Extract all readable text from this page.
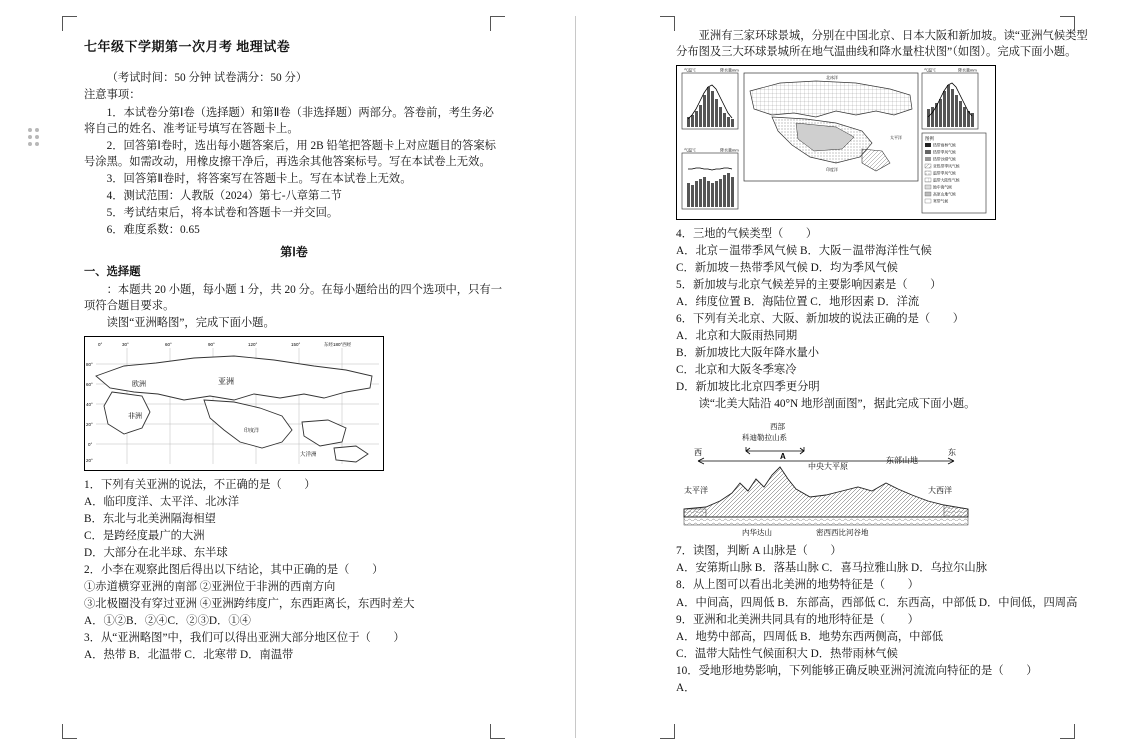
七年级下学期第一次月考 地理试卷

（考试时间：50 分钟 试卷满分：50 分）

注意事项：

1．本试卷分第Ⅰ卷（选择题）和第Ⅱ卷（非选择题）两部分。答卷前，考生务必将自己的姓名、准考证号填写在答题卡上。

2．回答第Ⅰ卷时，选出每小题答案后，用 2B 铅笔把答题卡上对应题目的答案标号涂黑。如需改动，用橡皮擦干净后，再选余其他答案标号。写在本试卷上无效。

3．回答第Ⅱ卷时，将答案写在答题卡上。写在本试卷上无效。

4．测试范围：人教版（2024）第七-八章第二节

5．考试结束后，将本试卷和答题卡一并交回。

6．难度系数：0.65

第Ⅰ卷
一、选择题

：本题共 20 小题，每小题 1 分，共 20 分。在每小题给出的四个选项中，只有一项符合题目要求。

读图“亚洲略图”，完成下面小题。

欧洲	亚洲
非洲
大洋洲
印度洋
0°	30°	60°	90°	120°	150°	东经180°西经
80°
60°
40°
20°
0°
20°

1．下列有关亚洲的说法，不正确的是（　　）

A．临印度洋、太平洋、北冰洋

B．东北与北美洲隔海相望

C．是跨经度最广的大洲

D．大部分在北半球、东半球

2．小李在观察此图后得出以下结论，其中正确的是（　　）

①赤道横穿亚洲的南部 ②亚洲位于非洲的西南方向

③北极圈没有穿过亚洲 ④亚洲跨纬度广，东西距离长，东西时差大

A．①②B．②④C．②③D．①④

3．从“亚洲略图”中，我们可以得出亚洲大部分地区位于（　　）

A．热带 B．北温带 C．北寒带 D．南温带

亚洲有三家环球景城，分别在中国北京、日本大阪和新加坡。读“亚洲气候类型分布图及三大环球景城所在地气温曲线和降水量柱状图”（如图）。完成下面小题。

气温℃	降水量mm	气温℃	降水量mm
太平洋
印度洋
北冰洋
图例
热带雨林气候
热带季风气候
热带沙漠气候
亚热带季风气候
温带季风气候
温带大陆性气候
地中海气候
高原山地气候
寒带气候
气温℃	降水量mm

4．三地的气候类型（　　）

A．北京－温带季风气候 B．大阪－温带海洋性气候

C．新加坡－热带季风气候 D．均为季风气候

5．新加坡与北京气候差异的主要影响因素是（　　）

A．纬度位置 B．海陆位置 C．地形因素 D．洋流

6．下列有关北京、大阪、新加坡的说法正确的是（　　）

A．北京和大阪雨热同期

B．新加坡比大阪年降水量小

C．北京和大阪冬季寒冷

D．新加坡比北京四季更分明

读“北美大陆沿 40°N 地形剖面图”，据此完成下面小题。

西部
科迪勒拉山系
西	东
A
中央大平原
东部山地
太平洋	大西洋
内华达山	密西西比河谷地

7．读图，判断 A 山脉是（　　）

A．安第斯山脉 B．落基山脉 C．喜马拉雅山脉 D．乌拉尔山脉

8．从上图可以看出北美洲的地势特征是（　　）

A．中间高，四周低 B．东部高，西部低 C．东西高，中部低 D．中间低，四周高

9．亚洲和北美洲共同具有的地形特征是（　　）

A．地势中部高，四周低 B．地势东西两侧高，中部低

C．温带大陆性气候面积大 D．热带雨林气候

10．受地形地势影响，下列能够正确反映亚洲河流流向特征的是（　　）

A．
